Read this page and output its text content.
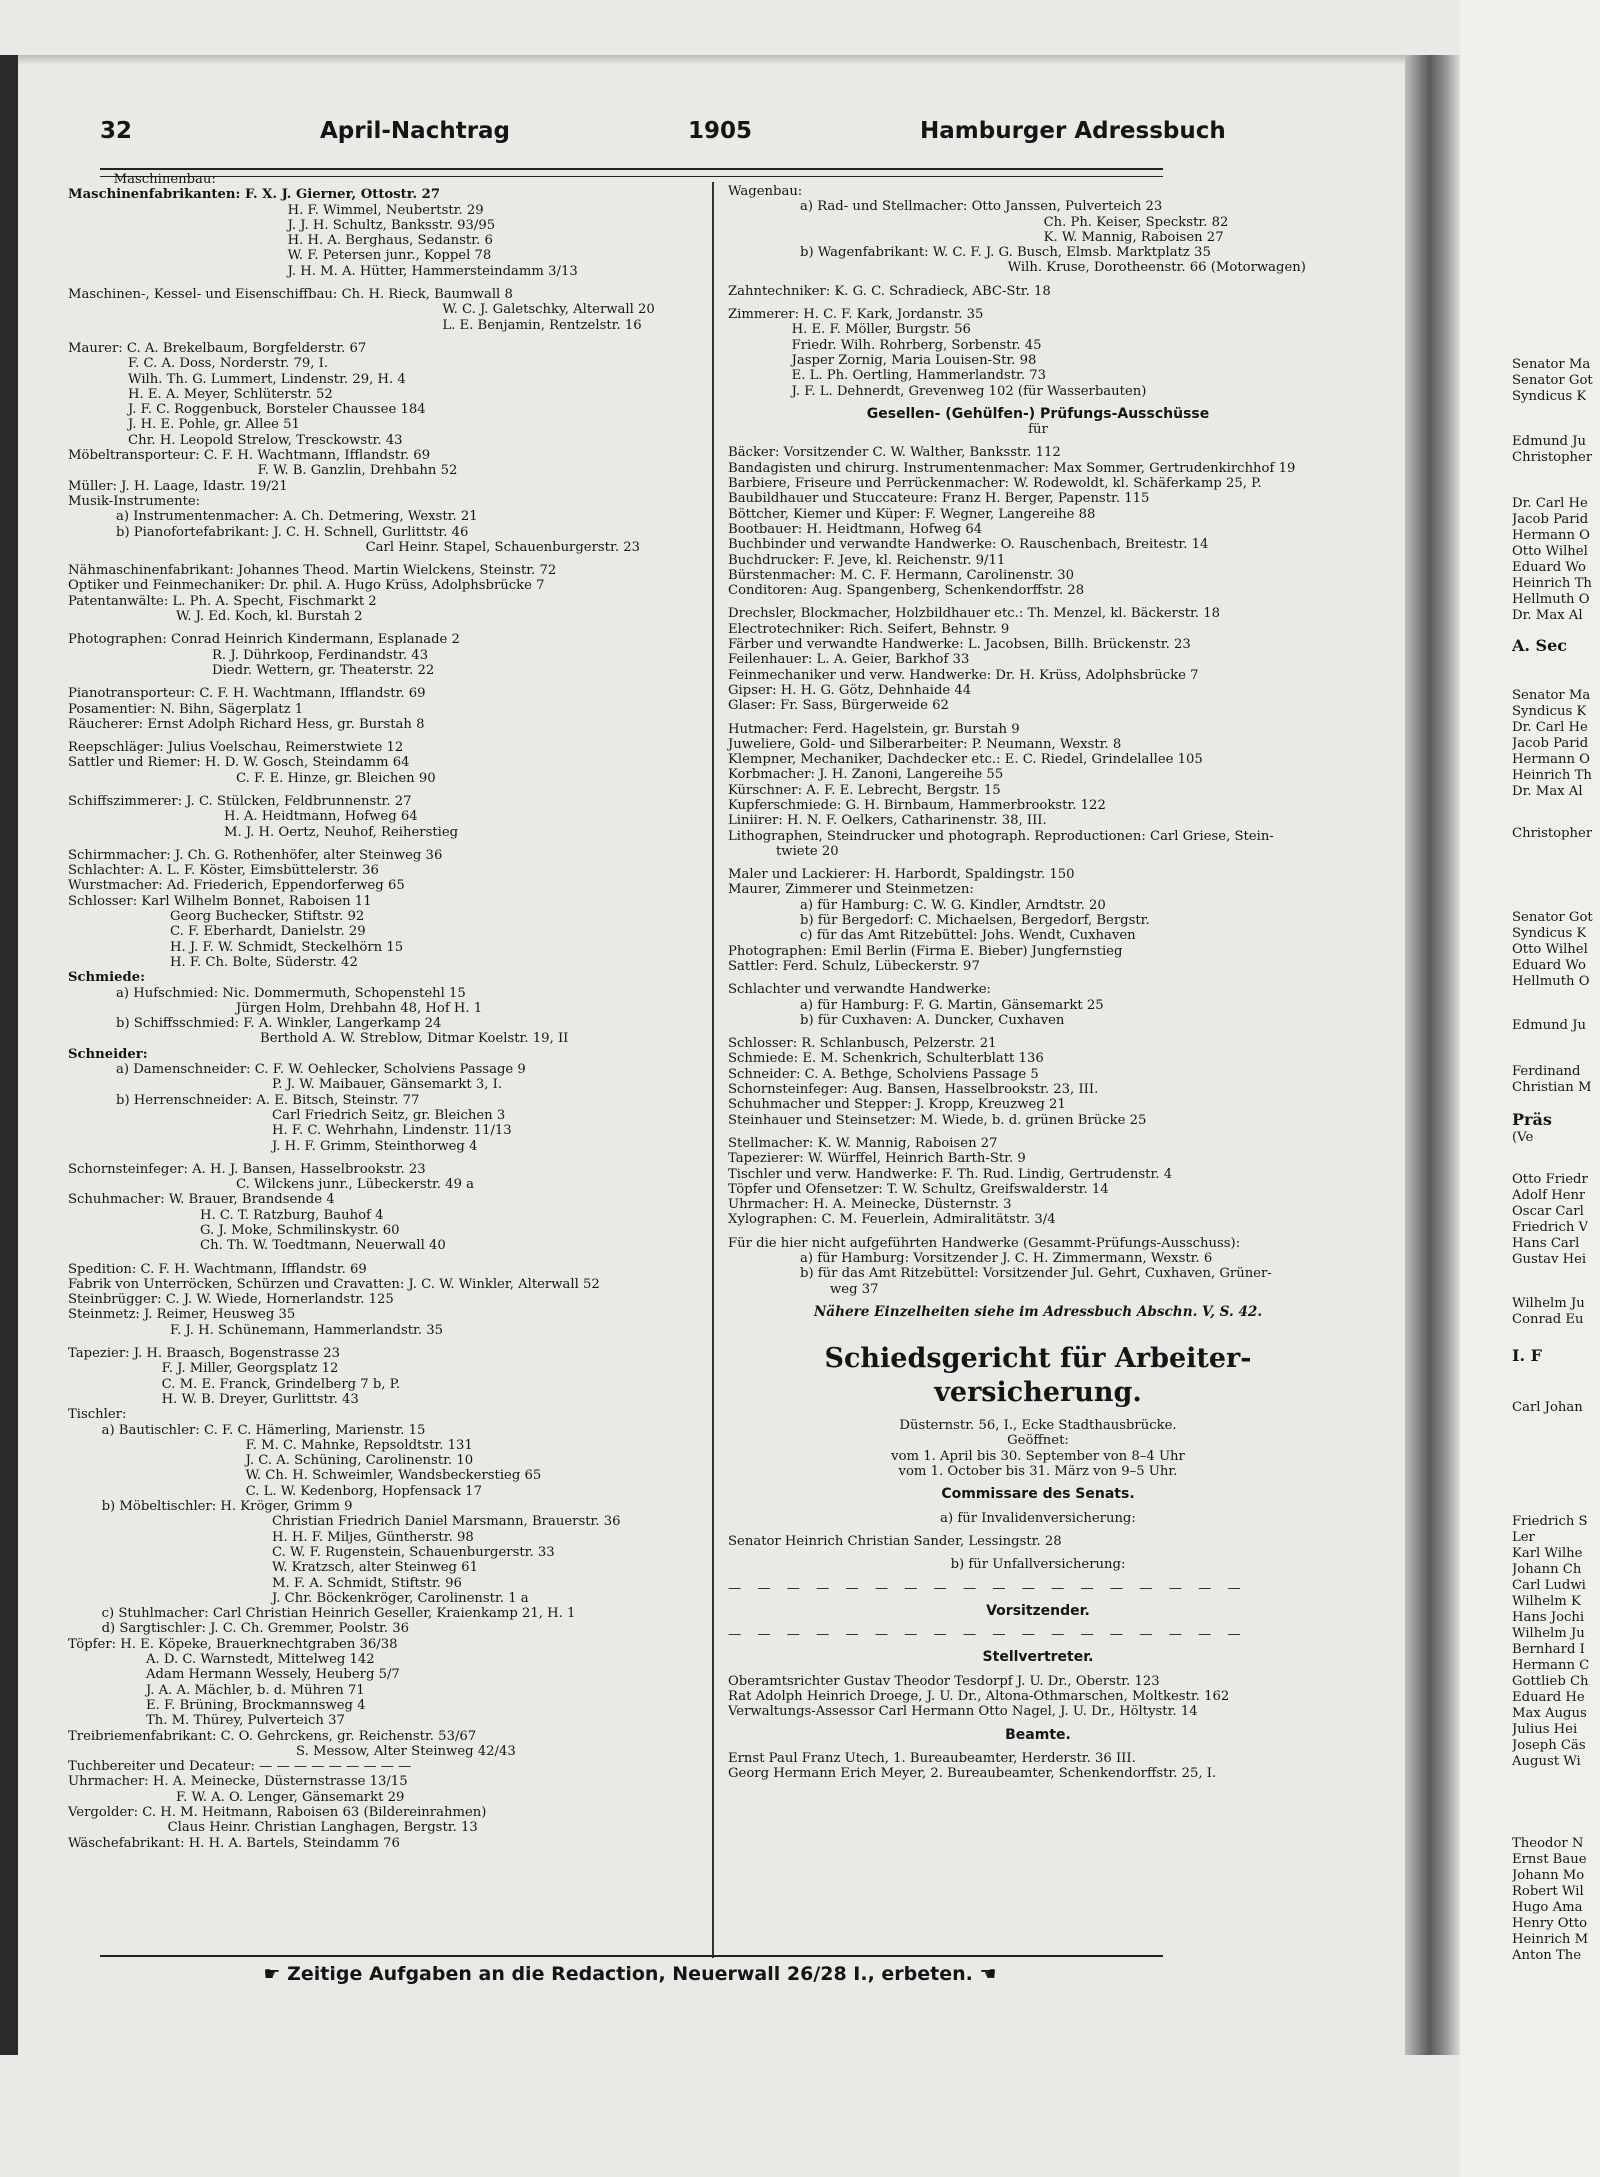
32	April-Nachtrag	1905	Hamburger Adressbuch
Maschinenbau:
Maschinenfabrikanten: F. X. J. Gierner, Ottostr. 27
H. F. Wimmel, Neubertstr. 29
J. J. H. Schultz, Banksstr. 93/95
H. H. A. Berghaus, Sedanstr. 6
W. F. Petersen junr., Koppel 78
J. H. M. A. Hütter, Hammersteindamm 3/13
Maschinen-, Kessel- und Eisenschiffbau: Ch. H. Rieck, Baumwall 8
W. C. J. Galetschky, Alterwall 20
L. E. Benjamin, Rentzelstr. 16
Maurer: C. A. Brekelbaum, Borgfelderstr. 67
F. C. A. Doss, Norderstr. 79, I.
Wilh. Th. G. Lummert, Lindenstr. 29, H. 4
H. E. A. Meyer, Schlüterstr. 52
J. F. C. Roggenbuck, Borsteler Chaussee 184
J. H. E. Pohle, gr. Allee 51
Chr. H. Leopold Strelow, Tresckowstr. 43
Möbeltransporteur: C. F. H. Wachtmann, Ifflandstr. 69
F. W. B. Ganzlin, Drehbahn 52
Müller: J. H. Laage, Idastr. 19/21
Musik-Instrumente:
a) Instrumentenmacher: A. Ch. Detmering, Wexstr. 21
b) Pianofortefabrikant: J. C. H. Schnell, Gurlittstr. 46
Carl Heinr. Stapel, Schauenburgerstr. 23
Nähmaschinenfabrikant: Johannes Theod. Martin Wielckens, Steinstr. 72
Optiker und Feinmechaniker: Dr. phil. A. Hugo Krüss, Adolphsbrücke 7
Patentanwälte: L. Ph. A. Specht, Fischmarkt 2
W. J. Ed. Koch, kl. Burstah 2
Photographen: Conrad Heinrich Kindermann, Esplanade 2
R. J. Dührkoop, Ferdinandstr. 43
Diedr. Wettern, gr. Theaterstr. 22
Pianotransporteur: C. F. H. Wachtmann, Ifflandstr. 69
Posamentier: N. Bihn, Sägerplatz 1
Räucherer: Ernst Adolph Richard Hess, gr. Burstah 8
Reepschläger: Julius Voelschau, Reimerstwiete 12
Sattler und Riemer: H. D. W. Gosch, Steindamm 64
C. F. E. Hinze, gr. Bleichen 90
Schiffszimmerer: J. C. Stülcken, Feldbrunnenstr. 27
H. A. Heidtmann, Hofweg 64
M. J. H. Oertz, Neuhof, Reiherstieg
Schirmmacher: J. Ch. G. Rothenhöfer, alter Steinweg 36
Schlachter: A. L. F. Köster, Eimsbüttelerstr. 36
Wurstmacher: Ad. Friederich, Eppendorferweg 65
Schlosser: Karl Wilhelm Bonnet, Raboisen 11
Georg Buchecker, Stiftstr. 92
C. F. Eberhardt, Danielstr. 29
H. J. F. W. Schmidt, Steckelhörn 15
H. F. Ch. Bolte, Süderstr. 42
Schmiede:
a) Hufschmied: Nic. Dommermuth, Schopenstehl 15
Jürgen Holm, Drehbahn 48, Hof H. 1
b) Schiffsschmied: F. A. Winkler, Langerkamp 24
Berthold A. W. Streblow, Ditmar Koelstr. 19, II
Schneider:
a) Damenschneider: C. F. W. Oehlecker, Scholviens Passage 9
P. J. W. Maibauer, Gänsemarkt 3, I.
b) Herrenschneider: A. E. Bitsch, Steinstr. 77
Carl Friedrich Seitz, gr. Bleichen 3
H. F. C. Wehrhahn, Lindenstr. 11/13
J. H. F. Grimm, Steinthorweg 4
Schornsteinfeger: A. H. J. Bansen, Hasselbrookstr. 23
C. Wilckens junr., Lübeckerstr. 49 a
Schuhmacher: W. Brauer, Brandsende 4
H. C. T. Ratzburg, Bauhof 4
G. J. Moke, Schmilinskystr. 60
Ch. Th. W. Toedtmann, Neuerwall 40
Spedition: C. F. H. Wachtmann, Ifflandstr. 69
Fabrik von Unterröcken, Schürzen und Cravatten: J. C. W. Winkler, Alterwall 52
Steinbrügger: C. J. W. Wiede, Hornerlandstr. 125
Steinmetz: J. Reimer, Heusweg 35
F. J. H. Schünemann, Hammerlandstr. 35
Tapezier: J. H. Braasch, Bogenstrasse 23
F. J. Miller, Georgsplatz 12
C. M. E. Franck, Grindelberg 7 b, P.
H. W. B. Dreyer, Gurlittstr. 43
Tischler:
a) Bautischler: C. F. C. Hämerling, Marienstr. 15
F. M. C. Mahnke, Repsoldtstr. 131
J. C. A. Schüning, Carolinenstr. 10
W. Ch. H. Schweimler, Wandsbeckerstieg 65
C. L. W. Kedenborg, Hopfensack 17
b) Möbeltischler: H. Kröger, Grimm 9
Christian Friedrich Daniel Marsmann, Brauerstr. 36
H. H. F. Miljes, Güntherstr. 98
C. W. F. Rugenstein, Schauenburgerstr. 33
W. Kratzsch, alter Steinweg 61
M. F. A. Schmidt, Stiftstr. 96
J. Chr. Böckenkröger, Carolinenstr. 1 a
c) Stuhlmacher: Carl Christian Heinrich Geseller, Kraienkamp 21, H. 1
d) Sargtischler: J. C. Ch. Gremmer, Poolstr. 36
Töpfer: H. E. Köpeke, Brauerknechtgraben 36/38
A. D. C. Warnstedt, Mittelweg 142
Adam Hermann Wessely, Heuberg 5/7
J. A. A. Mächler, b. d. Mühren 71
E. F. Brüning, Brockmannsweg 4
Th. M. Thürey, Pulverteich 37
Treibriemenfabrikant: C. O. Gehrckens, gr. Reichenstr. 53/67
S. Messow, Alter Steinweg 42/43
Tuchbereiter und Decateur: — — — — — — — — —
Uhrmacher: H. A. Meinecke, Düsternstrasse 13/15
F. W. A. O. Lenger, Gänsemarkt 29
Vergolder: C. H. M. Heitmann, Raboisen 63 (Bildereinrahmen)
Claus Heinr. Christian Langhagen, Bergstr. 13
Wäschefabrikant: H. H. A. Bartels, Steindamm 76
Wagenbau:
a) Rad- und Stellmacher: Otto Janssen, Pulverteich 23
Ch. Ph. Keiser, Speckstr. 82
K. W. Mannig, Raboisen 27
b) Wagenfabrikant: W. C. F. J. G. Busch, Elmsb. Marktplatz 35
Wilh. Kruse, Dorotheenstr. 66 (Motorwagen)
Zahntechniker: K. G. C. Schradieck, ABC-Str. 18
Zimmerer: H. C. F. Kark, Jordanstr. 35
H. E. F. Möller, Burgstr. 56
Friedr. Wilh. Rohrberg, Sorbenstr. 45
Jasper Zornig, Maria Louisen-Str. 98
E. L. Ph. Oertling, Hammerlandstr. 73
J. F. L. Dehnerdt, Grevenweg 102 (für Wasserbauten)
Gesellen- (Gehülfen-) Prüfungs-Ausschüsse
für
Bäcker: Vorsitzender C. W. Walther, Banksstr. 112
Bandagisten und chirurg. Instrumentenmacher: Max Sommer, Gertrudenkirchhof 19
Barbiere, Friseure und Perrückenmacher: W. Rodewoldt, kl. Schäferkamp 25, P.
Baubildhauer und Stuccateure: Franz H. Berger, Papenstr. 115
Böttcher, Kiemer und Küper: F. Wegner, Langereihe 88
Bootbauer: H. Heidtmann, Hofweg 64
Buchbinder und verwandte Handwerke: O. Rauschenbach, Breitestr. 14
Buchdrucker: F. Jeve, kl. Reichenstr. 9/11
Bürstenmacher: M. C. F. Hermann, Carolinenstr. 30
Conditoren: Aug. Spangenberg, Schenkendorffstr. 28
Drechsler, Blockmacher, Holzbildhauer etc.: Th. Menzel, kl. Bäckerstr. 18
Electrotechniker: Rich. Seifert, Behnstr. 9
Färber und verwandte Handwerke: L. Jacobsen, Billh. Brückenstr. 23
Feilenhauer: L. A. Geier, Barkhof 33
Feinmechaniker und verw. Handwerke: Dr. H. Krüss, Adolphsbrücke 7
Gipser: H. H. G. Götz, Dehnhaide 44
Glaser: Fr. Sass, Bürgerweide 62
Hutmacher: Ferd. Hagelstein, gr. Burstah 9
Juweliere, Gold- und Silberarbeiter: P. Neumann, Wexstr. 8
Klempner, Mechaniker, Dachdecker etc.: E. C. Riedel, Grindelallee 105
Korbmacher: J. H. Zanoni, Langereihe 55
Kürschner: A. F. E. Lebrecht, Bergstr. 15
Kupferschmiede: G. H. Birnbaum, Hammerbrookstr. 122
Liniirer: H. N. F. Oelkers, Catharinenstr. 38, III.
Lithographen, Steindrucker und photograph. Reproductionen: Carl Griese, Stein-
twiete 20
Maler und Lackierer: H. Harbordt, Spaldingstr. 150
Maurer, Zimmerer und Steinmetzen:
a) für Hamburg: C. W. G. Kindler, Arndtstr. 20
b) für Bergedorf: C. Michaelsen, Bergedorf, Bergstr.
c) für das Amt Ritzebüttel: Johs. Wendt, Cuxhaven
Photographen: Emil Berlin (Firma E. Bieber) Jungfernstieg
Sattler: Ferd. Schulz, Lübeckerstr. 97
Schlachter und verwandte Handwerke:
a) für Hamburg: F. G. Martin, Gänsemarkt 25
b) für Cuxhaven: A. Duncker, Cuxhaven
Schlosser: R. Schlanbusch, Pelzerstr. 21
Schmiede: E. M. Schenkrich, Schulterblatt 136
Schneider: C. A. Bethge, Scholviens Passage 5
Schornsteinfeger: Aug. Bansen, Hasselbrookstr. 23, III.
Schuhmacher und Stepper: J. Kropp, Kreuzweg 21
Steinhauer und Steinsetzer: M. Wiede, b. d. grünen Brücke 25
Stellmacher: K. W. Mannig, Raboisen 27
Tapezierer: W. Würffel, Heinrich Barth-Str. 9
Tischler und verw. Handwerke: F. Th. Rud. Lindig, Gertrudenstr. 4
Töpfer und Ofensetzer: T. W. Schultz, Greifswalderstr. 14
Uhrmacher: H. A. Meinecke, Düsternstr. 3
Xylographen: C. M. Feuerlein, Admiralitätstr. 3/4
Für die hier nicht aufgeführten Handwerke (Gesammt-Prüfungs-Ausschuss):
a) für Hamburg: Vorsitzender J. C. H. Zimmermann, Wexstr. 6
b) für das Amt Ritzebüttel: Vorsitzender Jul. Gehrt, Cuxhaven, Grüner-
weg 37
Nähere Einzelheiten siehe im Adressbuch Abschn. V, S. 42.
Schiedsgericht für Arbeiter-
versicherung.
Düsternstr. 56, I., Ecke Stadthausbrücke.
Geöffnet:
vom 1. April bis 30. September von 8–4 Uhr
vom 1. October bis 31. März von 9–5 Uhr.
Commissare des Senats.
a) für Invalidenversicherung:
Senator Heinrich Christian Sander, Lessingstr. 28
b) für Unfallversicherung:
— — — — — — — — — — — — — — — — — —
Vorsitzender.
— — — — — — — — — — — — — — — — — —
Stellvertreter.
Oberamtsrichter Gustav Theodor Tesdorpf J. U. Dr., Oberstr. 123
Rat Adolph Heinrich Droege, J. U. Dr., Altona-Othmarschen, Moltkestr. 162
Verwaltungs-Assessor Carl Hermann Otto Nagel, J. U. Dr., Höltystr. 14
Beamte.
Ernst Paul Franz Utech, 1. Bureaubeamter, Herderstr. 36 III.
Georg Hermann Erich Meyer, 2. Bureaubeamter, Schenkendorffstr. 25, I.
☛ Zeitige Aufgaben an die Redaction, Neuerwall 26/28 I., erbeten. ☚
Senator Ma
Senator Got
Syndicus K
Edmund Ju
Christopher
Dr. Carl He
Jacob Parid
Hermann O
Otto Wilhel
Eduard Wo
Heinrich Th
Hellmuth O
Dr. Max Al
A. Sec
Senator Ma
Syndicus K
Dr. Carl He
Jacob Parid
Hermann O
Heinrich Th
Dr. Max Al
Christopher
Senator Got
Syndicus K
Otto Wilhel
Eduard Wo
Hellmuth O
Edmund Ju
Ferdinand
Christian M
Präs
(Ve
Otto Friedr
Adolf Henr
Oscar Carl
Friedrich V
Hans Carl
Gustav Hei
Wilhelm Ju
Conrad Eu
I. F
Carl Johan
Friedrich S
Ler
Karl Wilhe
Johann Ch
Carl Ludwi
Wilhelm K
Hans Jochi
Wilhelm Ju
Bernhard I
Hermann C
Gottlieb Ch
Eduard He
Max Augus
Julius Hei
Joseph Cäs
August Wi
Theodor N
Ernst Baue
Johann Mo
Robert Wil
Hugo Ama
Henry Otto
Heinrich M
Anton The
